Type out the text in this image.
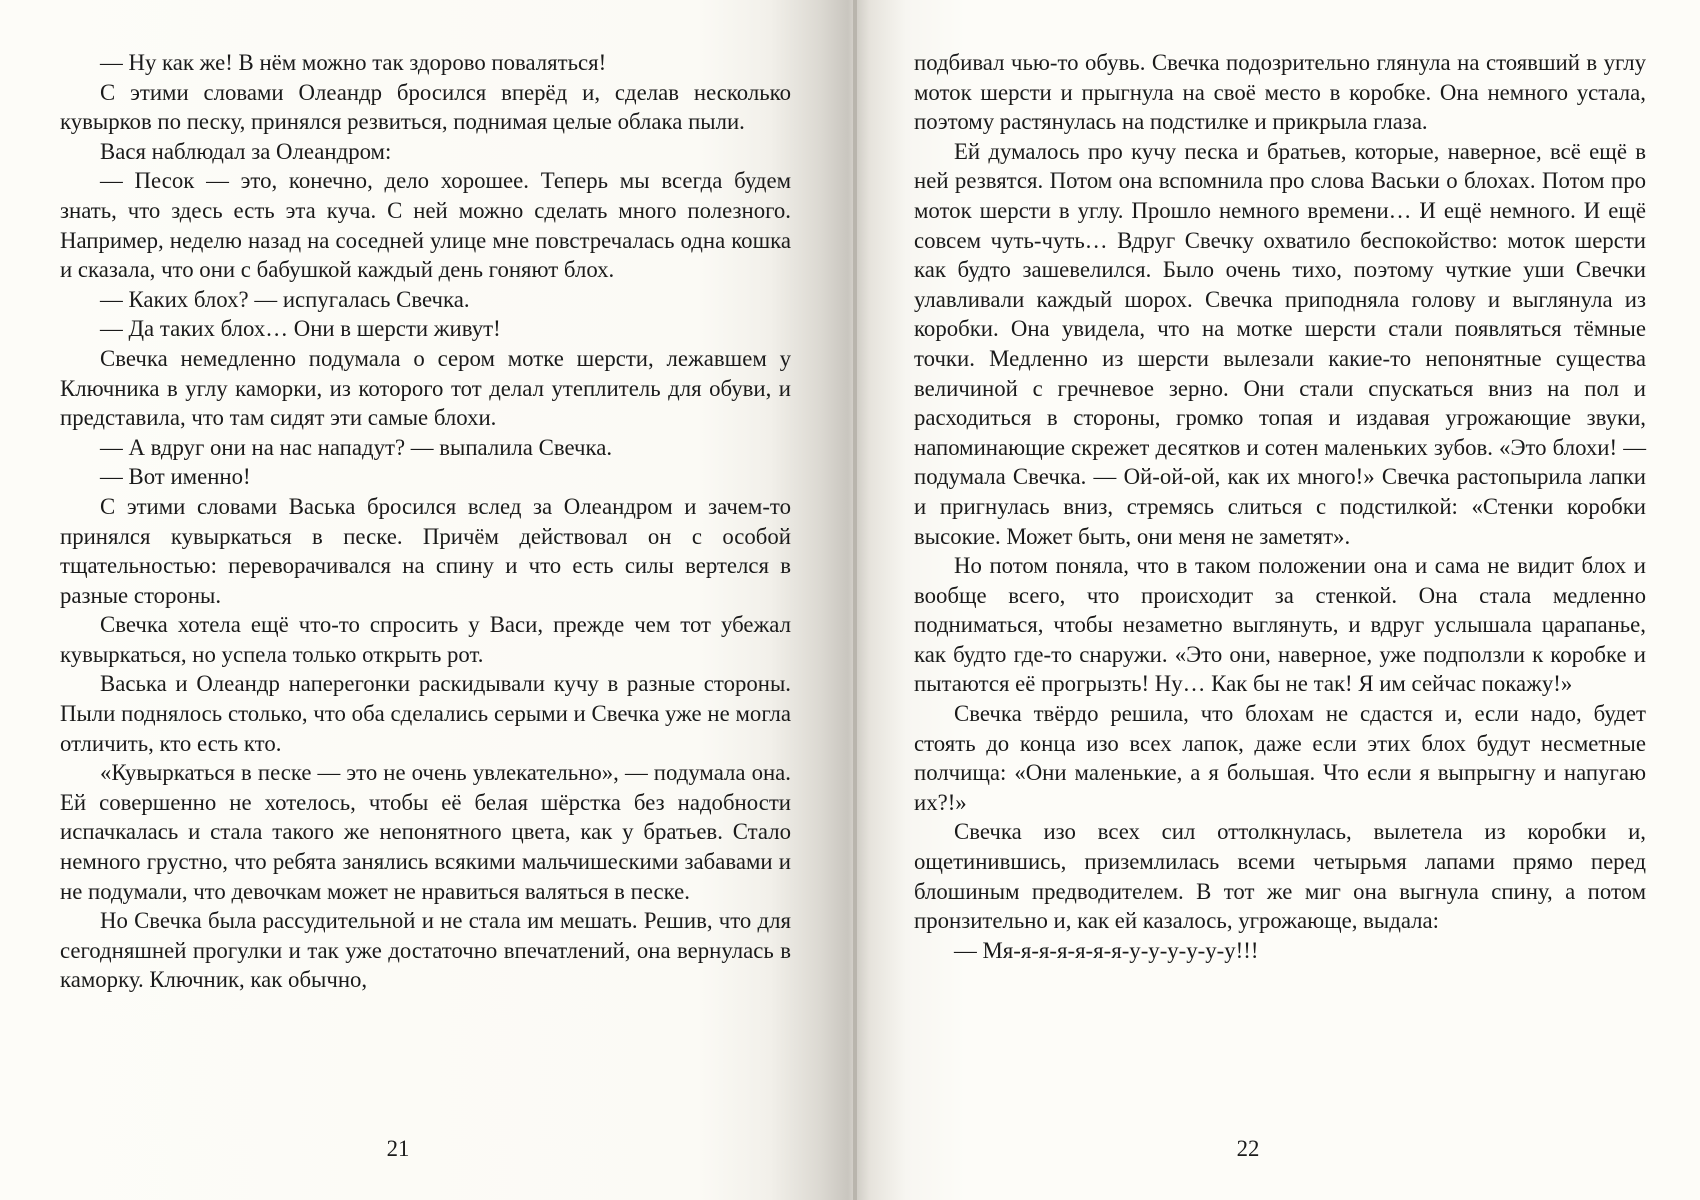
— Ну как же! В нём можно так здорово поваляться!

С этими словами Олеандр бросился вперёд и, сделав несколько кувырков по песку, принялся резвиться, поднимая целые облака пыли.

Вася наблюдал за Олеандром:

— Песок — это, конечно, дело хорошее. Теперь мы всегда будем знать, что здесь есть эта куча. С ней можно сделать много полезного. Например, неделю назад на соседней улице мне повстречалась одна кошка и сказала, что они с бабушкой каждый день гоняют блох.

— Каких блох? — испугалась Свечка.

— Да таких блох… Они в шерсти живут!

Свечка немедленно подумала о сером мотке шерсти, лежавшем у Ключника в углу каморки, из которого тот делал утеплитель для обуви, и представила, что там сидят эти самые блохи.

— А вдруг они на нас нападут? — выпалила Свечка.

— Вот именно!

С этими словами Васька бросился вслед за Олеандром и зачем-то принялся кувыркаться в песке. Причём действовал он с особой тщательностью: переворачивался на спину и что есть силы вертелся в разные стороны.

Свечка хотела ещё что-то спросить у Васи, прежде чем тот убежал кувыркаться, но успела только открыть рот.

Васька и Олеандр наперегонки раскидывали кучу в разные стороны. Пыли поднялось столько, что оба сделались серыми и Свечка уже не могла отличить, кто есть кто.

«Кувыркаться в песке — это не очень увлекательно», — подумала она. Ей совершенно не хотелось, чтобы её белая шёрстка без надобности испачкалась и стала такого же непонятного цвета, как у братьев. Стало немного грустно, что ребята занялись всякими мальчишескими забавами и не подумали, что девочкам может не нравиться валяться в песке.

Но Свечка была рассудительной и не стала им мешать. Решив, что для сегодняшней прогулки и так уже достаточно впечатлений, она вернулась в каморку. Ключник, как обычно,

21

подбивал чью-то обувь. Свечка подозрительно глянула на стоявший в углу моток шерсти и прыгнула на своё место в коробке. Она немного устала, поэтому растянулась на подстилке и прикрыла глаза.

Ей думалось про кучу песка и братьев, которые, наверное, всё ещё в ней резвятся. Потом она вспомнила про слова Васьки о блохах. Потом про моток шерсти в углу. Прошло немного времени… И ещё немного. И ещё совсем чуть-чуть… Вдруг Свечку охватило беспокойство: моток шерсти как будто зашевелился. Было очень тихо, поэтому чуткие уши Свечки улавливали каждый шорох. Свечка приподняла голову и выглянула из коробки. Она увидела, что на мотке шерсти стали появляться тёмные точки. Медленно из шерсти вылезали какие-то непонятные существа величиной с гречневое зерно. Они стали спускаться вниз на пол и расходиться в стороны, громко топая и издавая угрожающие звуки, напоминающие скрежет десятков и сотен маленьких зубов. «Это блохи! — подумала Свечка. — Ой-ой-ой, как их много!» Свечка растопырила лапки и пригнулась вниз, стремясь слиться с подстилкой: «Стенки коробки высокие. Может быть, они меня не заметят».

Но потом поняла, что в таком положении она и сама не видит блох и вообще всего, что происходит за стенкой. Она стала медленно подниматься, чтобы незаметно выглянуть, и вдруг услышала царапанье, как будто где-то снаружи. «Это они, наверное, уже подползли к коробке и пытаются её прогрызть! Ну… Как бы не так! Я им сейчас покажу!»

Свечка твёрдо решила, что блохам не сдастся и, если надо, будет стоять до конца изо всех лапок, даже если этих блох будут несметные полчища: «Они маленькие, а я большая. Что если я выпрыгну и напугаю их?!»

Свечка изо всех сил оттолкнулась, вылетела из коробки и, ощетинившись, приземлилась всеми четырьмя лапами прямо перед блошиным предводителем. В тот же миг она выгнула спину, а потом пронзительно и, как ей казалось, угрожающе, выдала:

— Мя-я-я-я-я-я-я-у-у-у-у-у-у!!!

22
